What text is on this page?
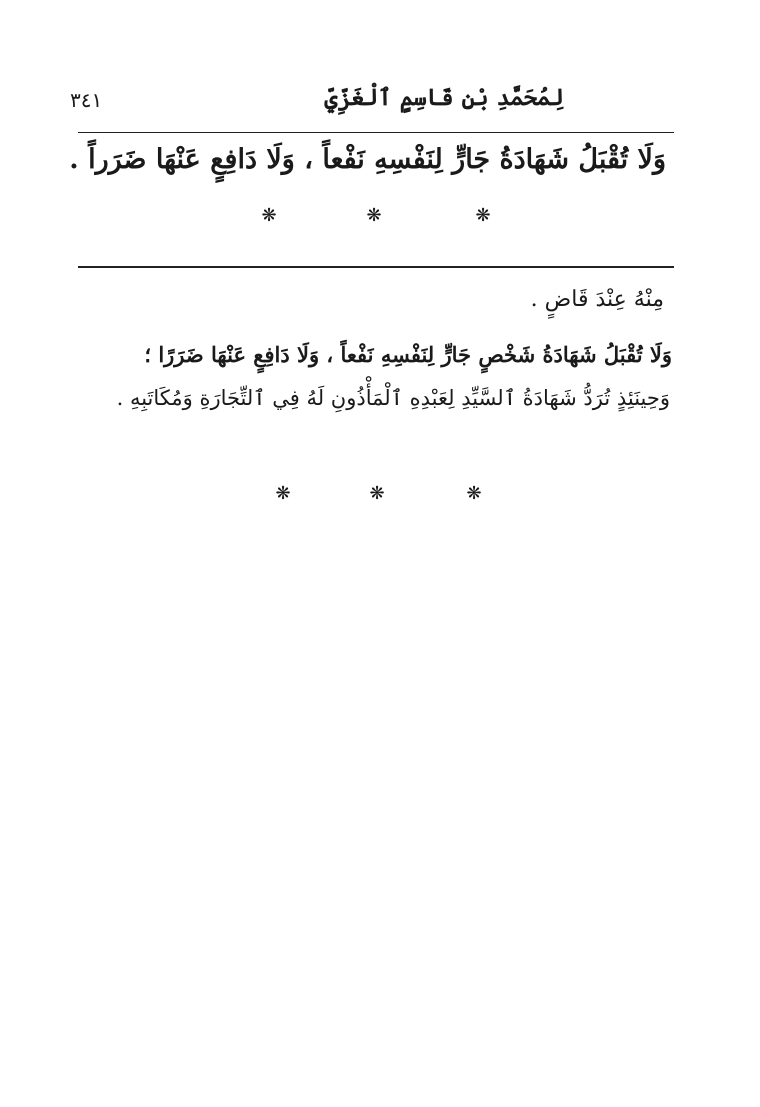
٣٤١	لِمُحَمَّدِ بْنِ قَاسِمٍ ٱلْغَزِّيِّ
وَلَا تُقْبَلُ شَهَادَةُ جَارٍّ لِنَفْسِهِ نَفْعاً ، وَلَا دَافِعٍ عَنْهَا ضَرَراً .
❋	❋	❋
مِنْهُ عِنْدَ قَاضٍ .
وَلَا تُقْبَلُ شَهَادَةُ شَخْصٍ جَارٍّ لِنَفْسِهِ نَفْعاً ، وَلَا دَافِعٍ عَنْهَا ضَرَرًا ؛
وَحِينَئِذٍ تُرَدُّ شَهَادَةُ ٱلسَّيِّدِ لِعَبْدِهِ ٱلْمَأْذُونِ لَهُ فِي ٱلتِّجَارَةِ وَمُكَاتَبِهِ .
❋	❋	❋
